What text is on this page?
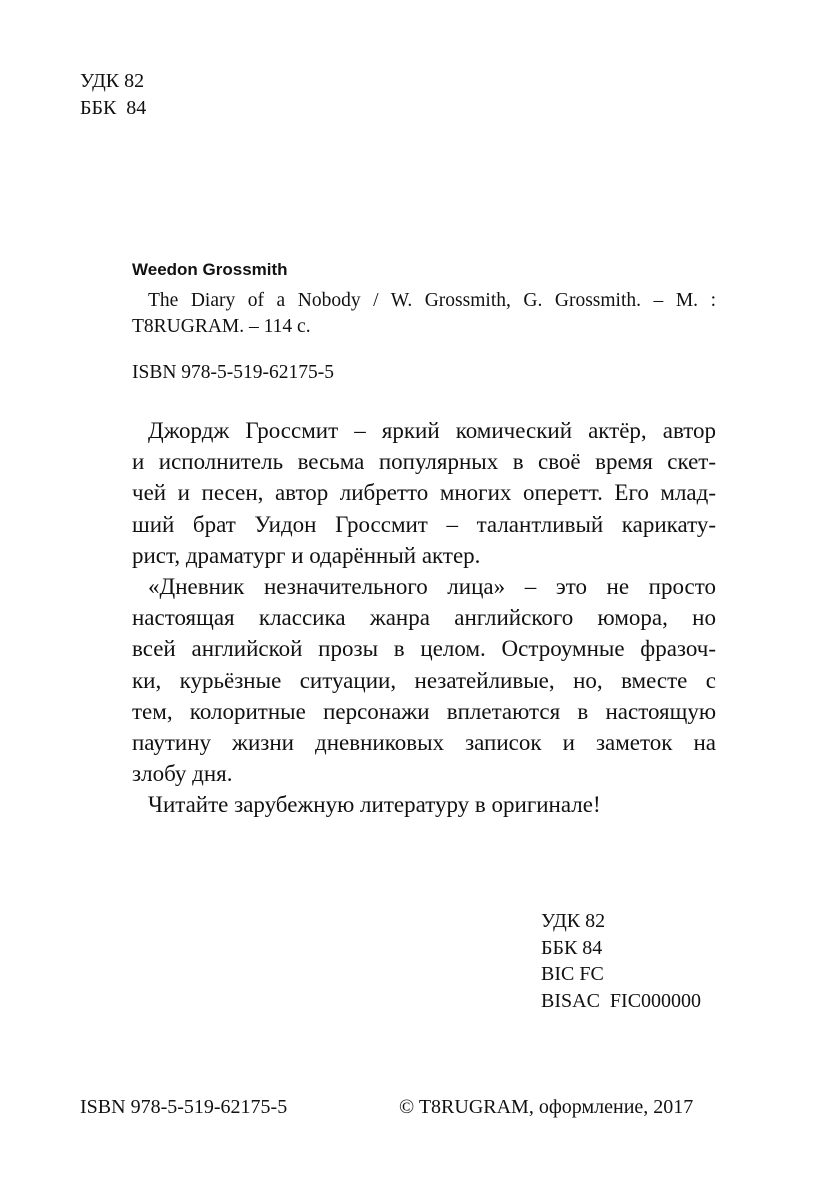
УДК 82
ББК  84
Weedon Grossmith
The Diary of a Nobody / W. Grossmith, G. Grossmith. – M. :
T8RUGRAM. – 114 с.
ISBN 978-5-519-62175-5
Джордж Гроссмит – яркий комический актёр, автор
и исполнитель весьма популярных в своё время скет-
чей и песен, автор либретто многих оперетт. Его млад-
ший брат Уидон Гроссмит – талантливый карикату-
рист, драматург и одарённый актер.
«Дневник незначительного лица» – это не просто
настоящая классика жанра английского юмора, но
всей английской прозы в целом. Остроумные фразоч-
ки, курьёзные ситуации, незатейливые, но, вместе с
тем, колоритные персонажи вплетаются в настоящую
паутину жизни дневниковых записок и заметок на
злобу дня.
Читайте зарубежную литературу в оригинале!
УДК 82
ББК 84
BIC FC
BISAC  FIC000000
ISBN 978-5-519-62175-5	© T8RUGRAM, оформление, 2017
